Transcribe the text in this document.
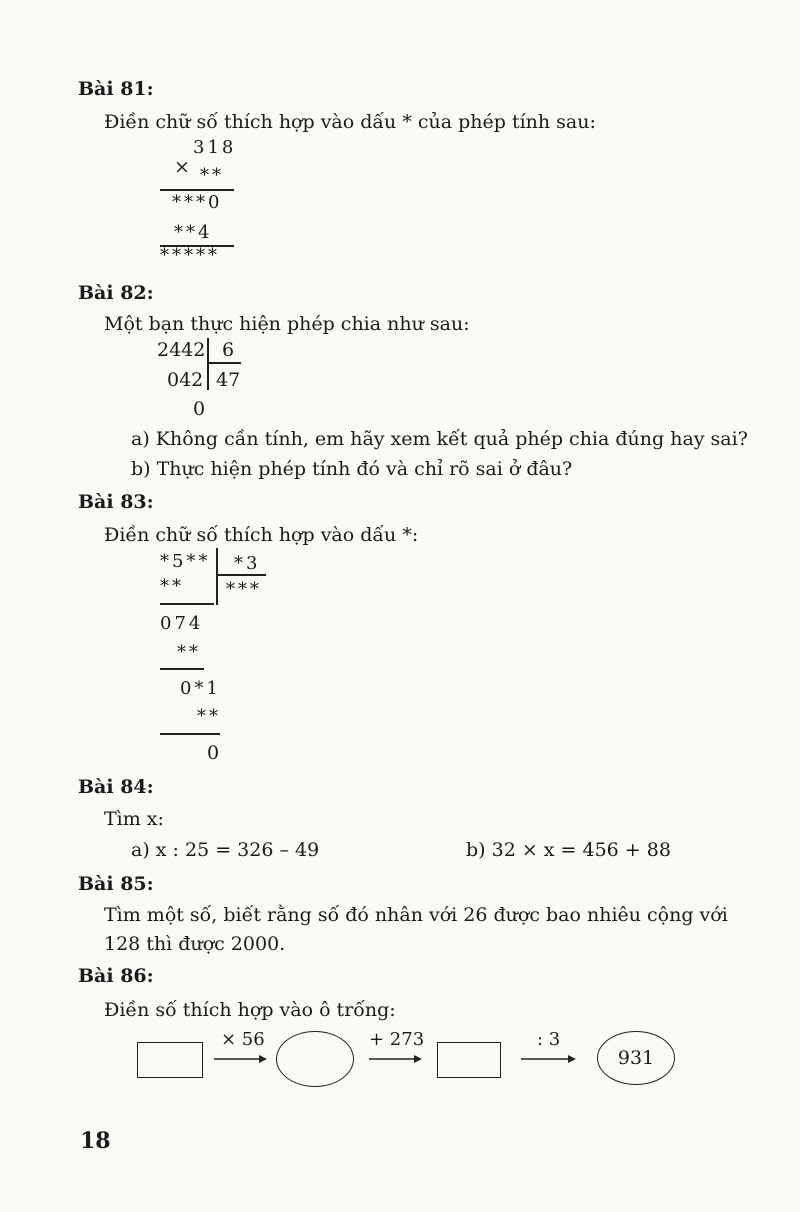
Bài 81:
Điền chữ số thích hợp vào dấu * của phép tính sau:
318
× **
***0
**4
*****
Bài 82:
Một bạn thực hiện phép chia như sau:
2442 6
042 47
0
a) Không cần tính, em hãy xem kết quả phép chia đúng hay sai?
b) Thực hiện phép tính đó và chỉ rõ sai ở đâu?
Bài 83:
Điền chữ số thích hợp vào dấu *:
*5** *3
** ***
074
**
0*1
**
0
Bài 84:
Tìm x:
a) x : 25 = 326 – 49	b) 32 × x = 456 + 88
Bài 85:
Tìm một số, biết rằng số đó nhân với 26 được bao nhiêu cộng với
128 thì được 2000.
Bài 86:
Điền số thích hợp vào ô trống:
× 56	+ 273	: 3
931
18
